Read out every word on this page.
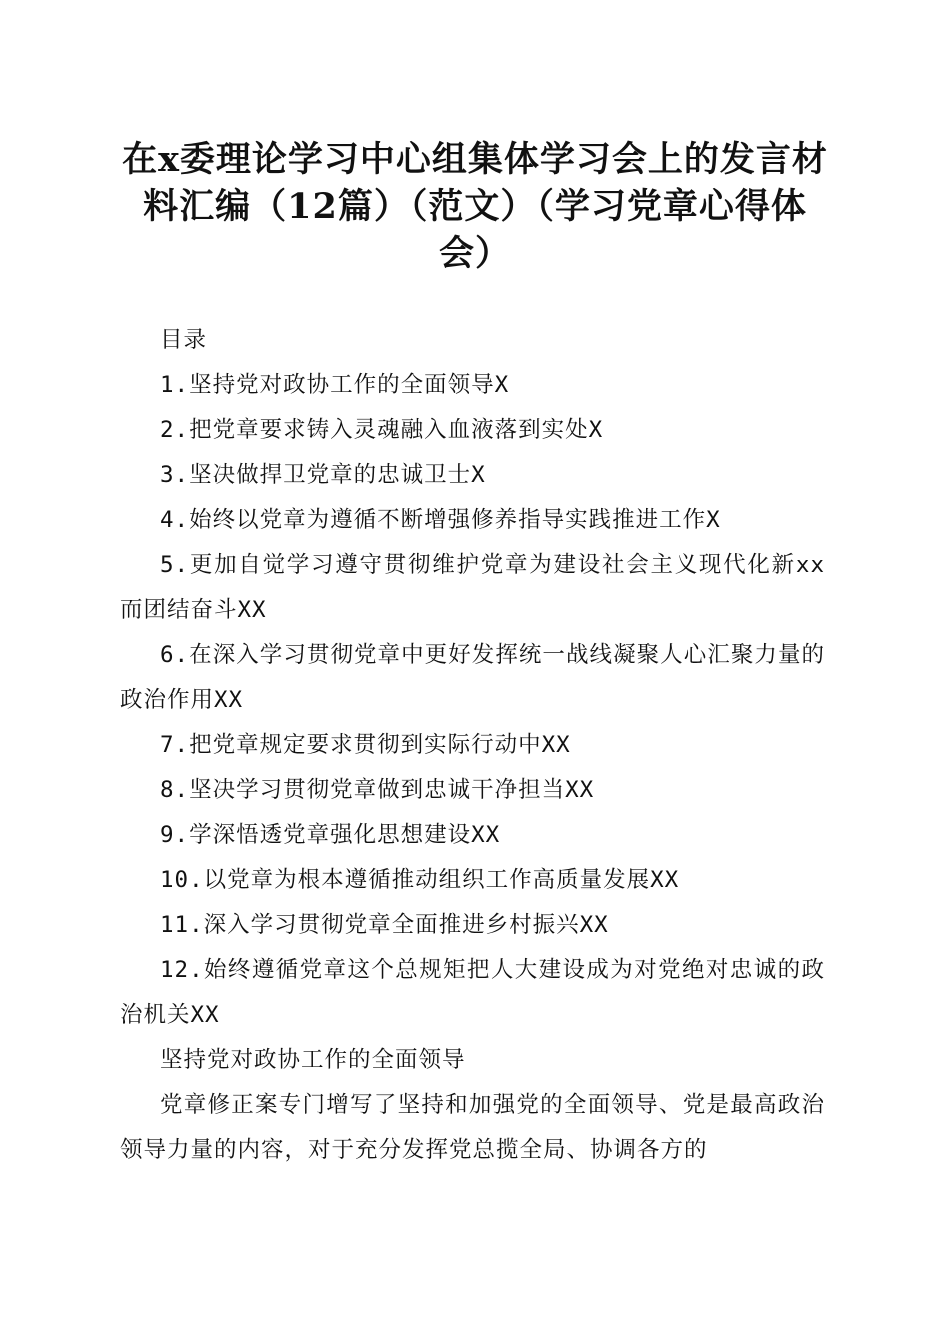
在x委理论学习中心组集体学习会上的发言材料汇编（12篇）（范文）（学习党章心得体会）

目录

1.坚持党对政协工作的全面领导X

2.把党章要求铸入灵魂融入血液落到实处X

3.坚决做捍卫党章的忠诚卫士X

4.始终以党章为遵循不断增强修养指导实践推进工作X

5.更加自觉学习遵守贯彻维护党章为建设社会主义现代化新xx而团结奋斗XX

6.在深入学习贯彻党章中更好发挥统一战线凝聚人心汇聚力量的政治作用XX

7.把党章规定要求贯彻到实际行动中XX

8.坚决学习贯彻党章做到忠诚干净担当XX

9.学深悟透党章强化思想建设XX

10.以党章为根本遵循推动组织工作高质量发展XX

11.深入学习贯彻党章全面推进乡村振兴XX

12.始终遵循党章这个总规矩把人大建设成为对党绝对忠诚的政治机关XX

坚持党对政协工作的全面领导

党章修正案专门增写了坚持和加强党的全面领导、党是最高政治领导力量的内容，对于充分发挥党总揽全局、协调各方的
